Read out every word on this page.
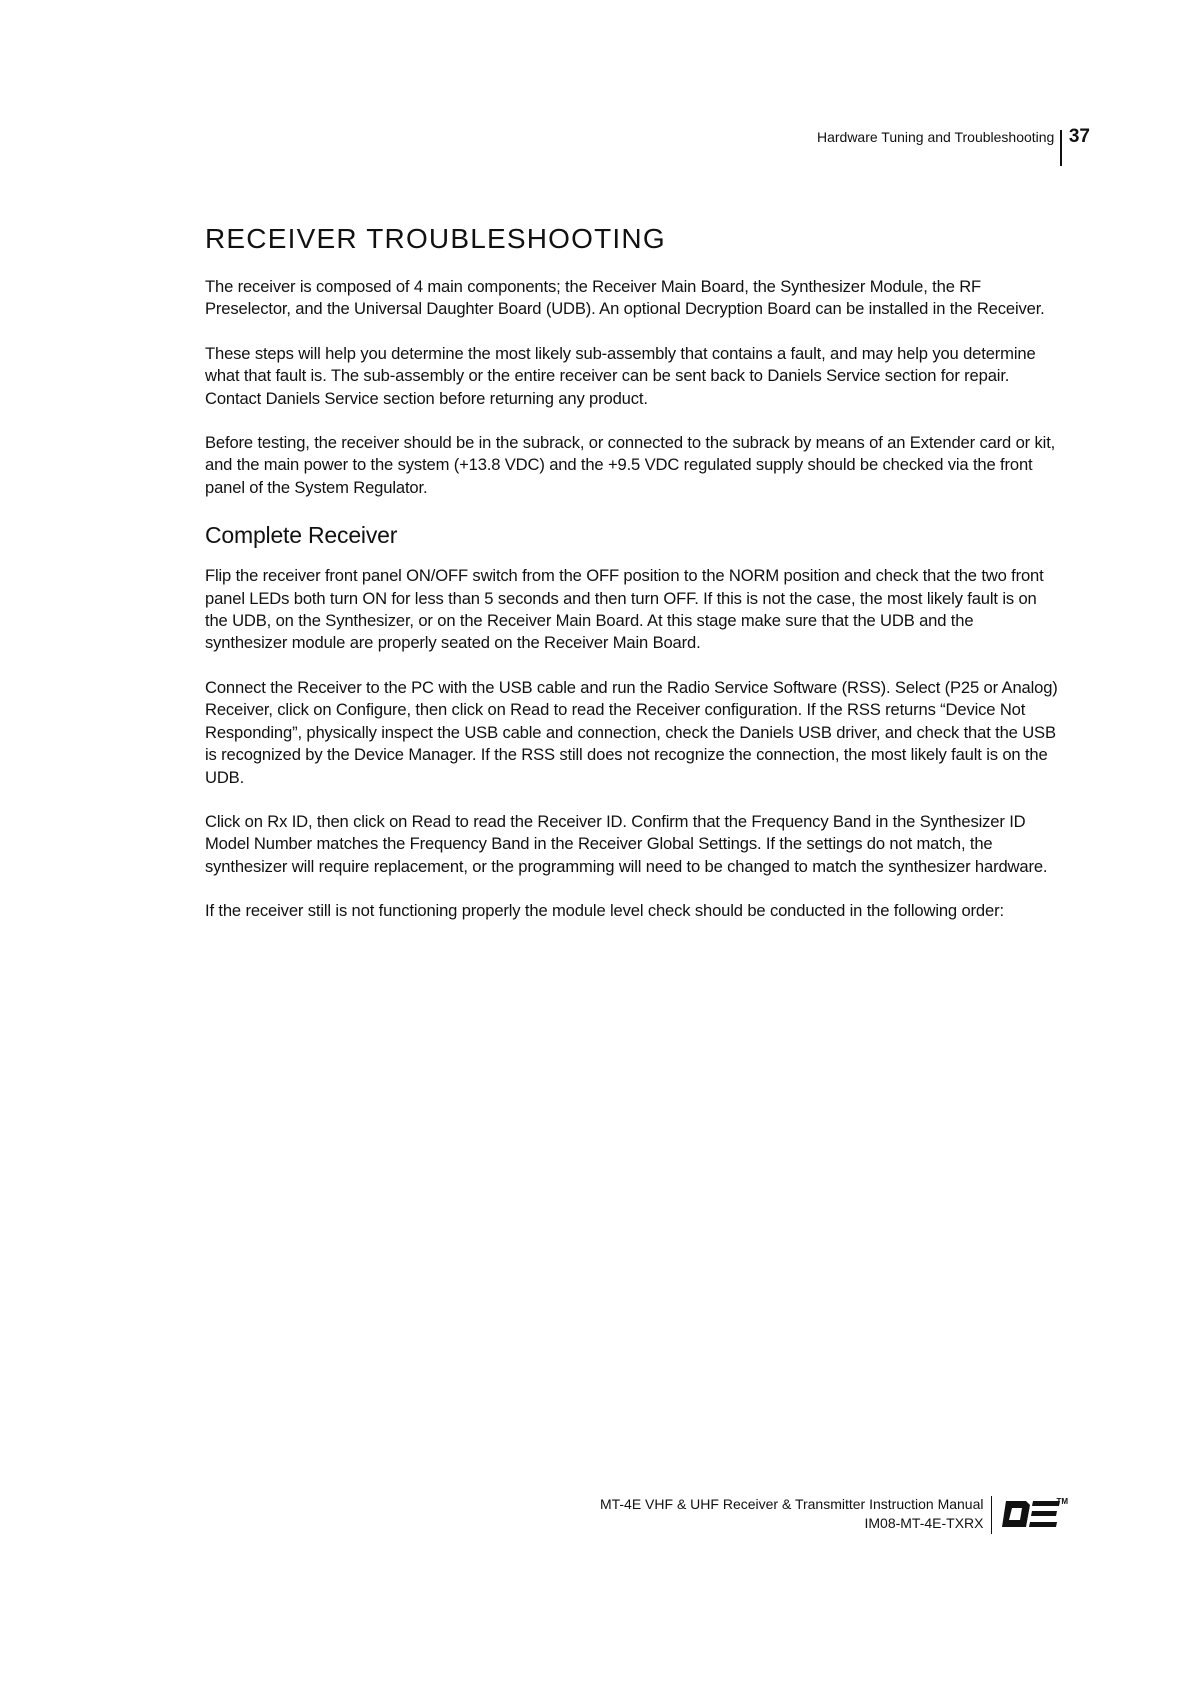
Hardware Tuning and Troubleshooting 37
RECEIVER TROUBLESHOOTING

The receiver is composed of 4 main components; the Receiver Main Board, the Synthesizer Module, the RF Preselector, and the Universal Daughter Board (UDB). An optional Decryption Board can be installed in the Receiver.

These steps will help you determine the most likely sub-assembly that contains a fault, and may help you determine what that fault is. The sub-assembly or the entire receiver can be sent back to Daniels Service section for repair. Contact Daniels Service section before returning any product.

Before testing, the receiver should be in the subrack, or connected to the subrack by means of an Extender card or kit, and the main power to the system (+13.8 VDC) and the +9.5 VDC regulated supply should be checked via the front panel of the System Regulator.

Complete Receiver

Flip the receiver front panel ON/OFF switch from the OFF position to the NORM position and check that the two front panel LEDs both turn ON for less than 5 seconds and then turn OFF. If this is not the case, the most likely fault is on the UDB, on the Synthesizer, or on the Receiver Main Board. At this stage make sure that the UDB and the synthesizer module are properly seated on the Receiver Main Board.

Connect the Receiver to the PC with the USB cable and run the Radio Service Software (RSS). Select (P25 or Analog) Receiver, click on Configure, then click on Read to read the Receiver configuration. If the RSS returns “Device Not Responding”, physically inspect the USB cable and connection, check the Daniels USB driver, and check that the USB is recognized by the Device Manager. If the RSS still does not recognize the connection, the most likely fault is on the UDB.

Click on Rx ID, then click on Read to read the Receiver ID. Confirm that the Frequency Band in the Synthesizer ID Model Number matches the Frequency Band in the Receiver Global Settings. If the settings do not match, the synthesizer will require replacement, or the programming will need to be changed to match the synthesizer hardware.

If the receiver still is not functioning properly the module level check should be conducted in the following order:

MT-4E VHF & UHF Receiver & Transmitter Instruction Manual
IM08-MT-4E-TXRX
TM
